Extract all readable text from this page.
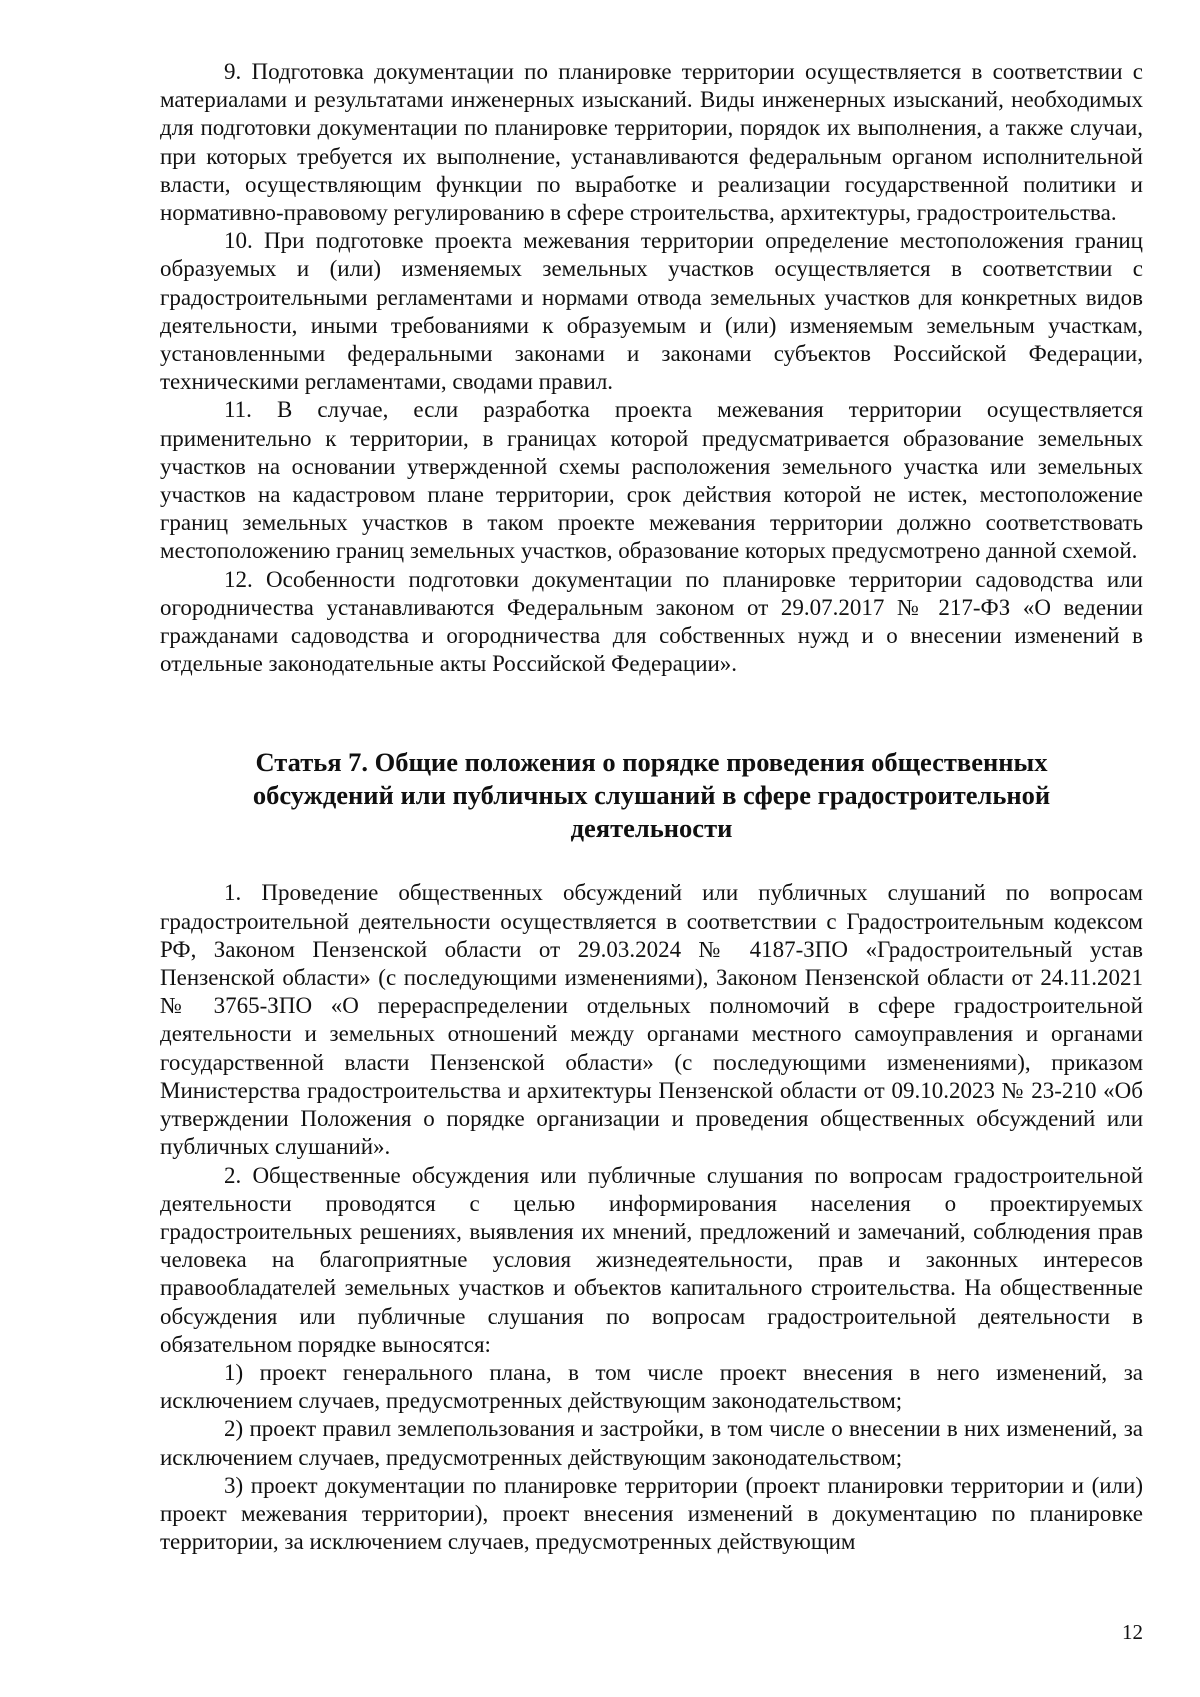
9. Подготовка документации по планировке территории осуществляется в соответствии с материалами и результатами инженерных изысканий. Виды инженерных изысканий, необходимых для подготовки документации по планировке территории, порядок их выполнения, а также случаи, при которых требуется их выполнение, устанавливаются федеральным органом исполнительной власти, осуществляющим функции по выработке и реализации государственной политики и нормативно-правовому регулированию в сфере строительства, архитектуры, градостроительства.

10. При подготовке проекта межевания территории определение местоположения границ образуемых и (или) изменяемых земельных участков осуществляется в соответствии с градостроительными регламентами и нормами отвода земельных участков для конкретных видов деятельности, иными требованиями к образуемым и (или) изменяемым земельным участкам, установленными федеральными законами и законами субъектов Российской Федерации, техническими регламентами, сводами правил.

11. В случае, если разработка проекта межевания территории осуществляется применительно к территории, в границах которой предусматривается образование земельных участков на основании утвержденной схемы расположения земельного участка или земельных участков на кадастровом плане территории, срок действия которой не истек, местоположение границ земельных участков в таком проекте межевания территории должно соответствовать местоположению границ земельных участков, образование которых предусмотрено данной схемой.

12. Особенности подготовки документации по планировке территории садоводства или огородничества устанавливаются Федеральным законом от 29.07.2017 № 217-ФЗ «О ведении гражданами садоводства и огородничества для собственных нужд и о внесении изменений в отдельные законодательные акты Российской Федерации».

Статья 7. Общие положения о порядке проведения общественных обсуждений или публичных слушаний в сфере градостроительной деятельности

1. Проведение общественных обсуждений или публичных слушаний по вопросам градостроительной деятельности осуществляется в соответствии с Градостроительным кодексом РФ, Законом Пензенской области от 29.03.2024 № 4187-ЗПО «Градостроительный устав Пензенской области» (с последующими изменениями), Законом Пензенской области от 24.11.2021 № 3765-ЗПО «О перераспределении отдельных полномочий в сфере градостроительной деятельности и земельных отношений между органами местного самоуправления и органами государственной власти Пензенской области» (с последующими изменениями), приказом Министерства градостроительства и архитектуры Пензенской области от 09.10.2023 № 23-210 «Об утверждении Положения о порядке организации и проведения общественных обсуждений или публичных слушаний».

2. Общественные обсуждения или публичные слушания по вопросам градостроительной деятельности проводятся с целью информирования населения о проектируемых градостроительных решениях, выявления их мнений, предложений и замечаний, соблюдения прав человека на благоприятные условия жизнедеятельности, прав и законных интересов правообладателей земельных участков и объектов капитального строительства. На общественные обсуждения или публичные слушания по вопросам градостроительной деятельности в обязательном порядке выносятся:

1) проект генерального плана, в том числе проект внесения в него изменений, за исключением случаев, предусмотренных действующим законодательством;

2) проект правил землепользования и застройки, в том числе о внесении в них изменений, за исключением случаев, предусмотренных действующим законодательством;

3) проект документации по планировке территории (проект планировки территории и (или) проект межевания территории), проект внесения изменений в документацию по планировке территории, за исключением случаев, предусмотренных действующим

12
